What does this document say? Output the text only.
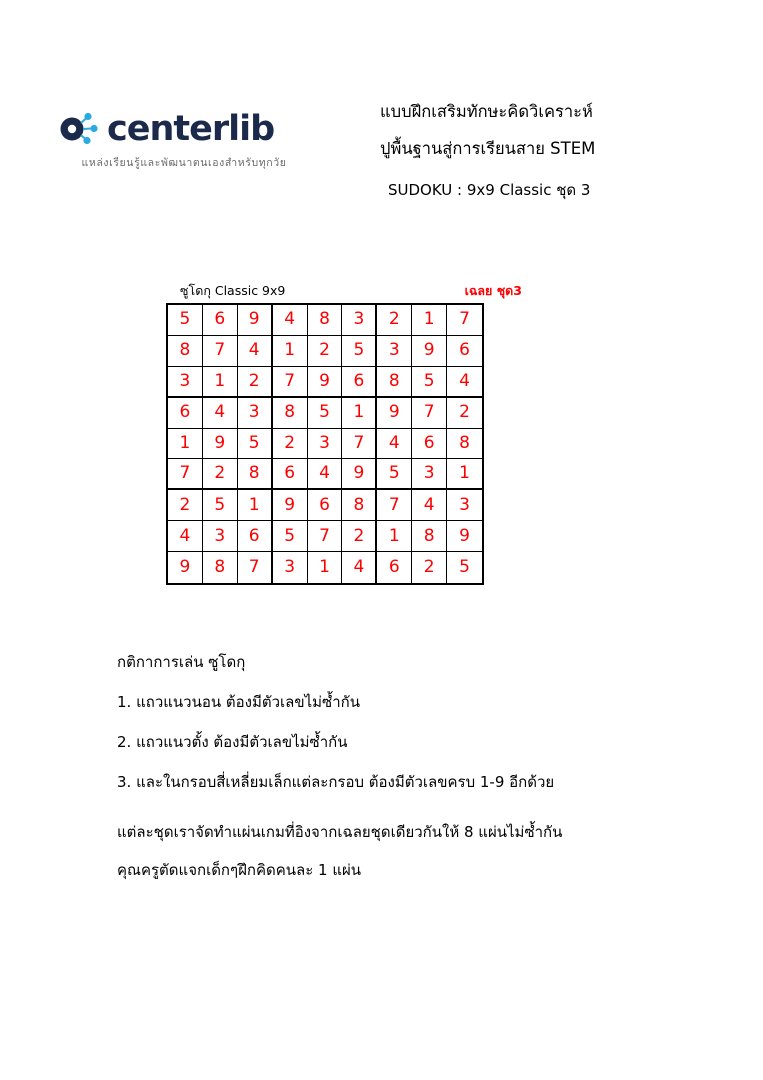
centerlib
แหล่งเรียนรู้และพัฒนาตนเองสำหรับทุกวัย
แบบฝึกเสริมทักษะคิดวิเคราะห์
ปูพื้นฐานสู่การเรียนสาย STEM
SUDOKU : 9x9 Classic ชุด 3
ซูโดกุ Classic 9x9	เฉลย ชุด3
5	6	9	4	8	3	2	1	7
8	7	4	1	2	5	3	9	6
3	1	2	7	9	6	8	5	4
6	4	3	8	5	1	9	7	2
1	9	5	2	3	7	4	6	8
7	2	8	6	4	9	5	3	1
2	5	1	9	6	8	7	4	3
4	3	6	5	7	2	1	8	9
9	8	7	3	1	4	6	2	5
กติกาการเล่น ซูโดกุ
1. แถวแนวนอน ต้องมีตัวเลขไม่ซ้ำกัน
2. แถวแนวตั้ง ต้องมีตัวเลขไม่ซ้ำกัน
3. และในกรอบสี่เหลี่ยมเล็กแต่ละกรอบ ต้องมีตัวเลขครบ 1-9 อีกด้วย
แต่ละชุดเราจัดทำแผ่นเกมที่อิงจากเฉลยชุดเดียวกันให้ 8 แผ่นไม่ซ้ำกัน
คุณครูตัดแจกเด็กๆฝึกคิดคนละ 1 แผ่น
